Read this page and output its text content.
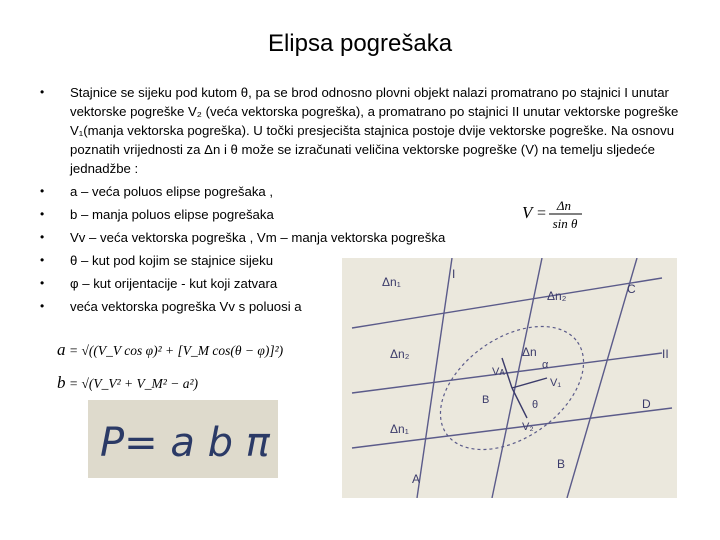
Elipsa pogrešaka
• Stajnice se sijeku pod kutom θ, pa se brod odnosno plovni objekt nalazi promatrano po stajnici I unutar vektorske pogreške V₂ (veća vektorska pogreška), a promatrano po stajnici II unutar vektorske pogreške V₁(manja vektorska pogreška). U točki presjecišta stajnica postoje dvije vektorske pogreške. Na osnovu poznatih vrijednosti za Δn i θ može se izračunati veličina vektorske pogreške (V) na temelju sljedeće jednadžbe :
• a – veća poluos elipse pogrešaka ,
• b – manja poluos elipse pogrešaka
• Vv – veća vektorska pogreška , Vm – manja vektorska pogreška
• θ – kut pod kojim se stajnice sijeku
• φ – kut orijentacije - kut koji zatvara
• veća vektorska pogreška Vv s poluosi a
V = Δn
sin θ
a = √((V_V cos φ)² + [V_M cos(θ − φ)]²)
b = √(V_V² + V_M² − a²)
P= a b π
Δn₁
Δn₂
I
II
Δn₂
Δn₁
Δn
Vᴀ
V₁
V₂
α
θ
B
A
B
C
D
